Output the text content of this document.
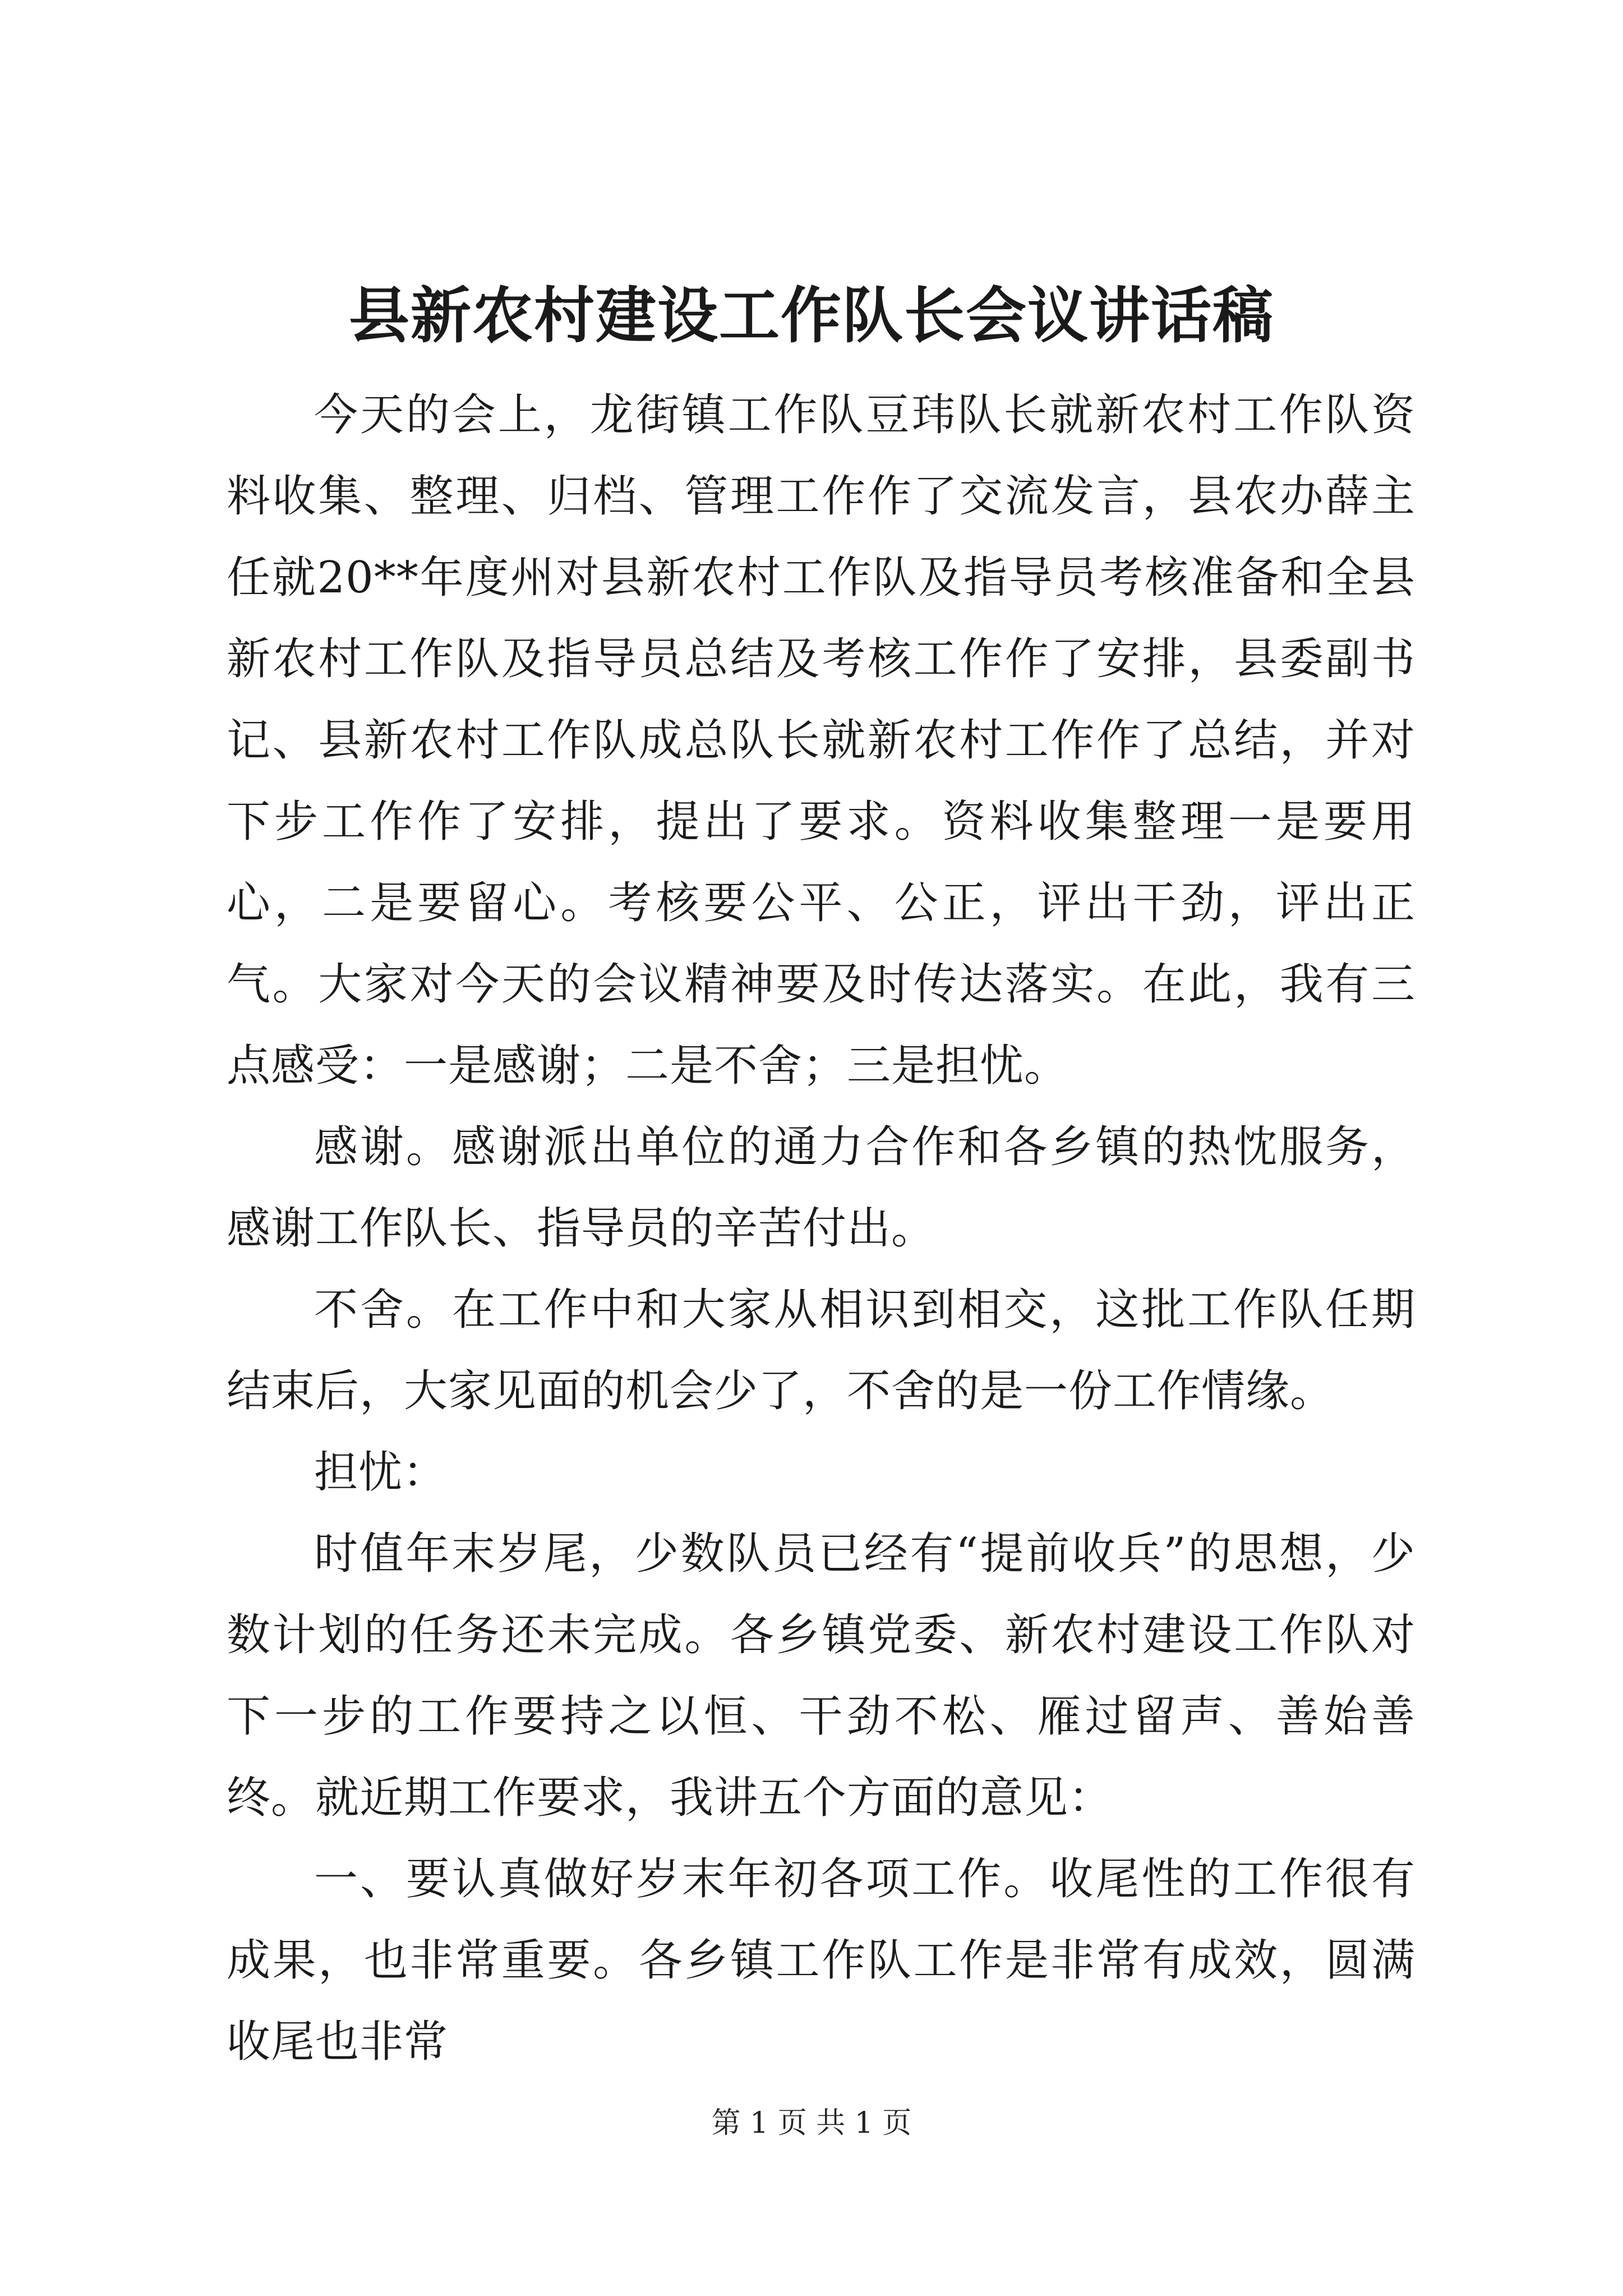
县新农村建设工作队长会议讲话稿

今天的会上，龙街镇工作队豆玮队长就新农村工作队资料收集、整理、归档、管理工作作了交流发言，县农办薛主任就20**年度州对县新农村工作队及指导员考核准备和全县新农村工作队及指导员总结及考核工作作了安排，县委副书记、县新农村工作队成总队长就新农村工作作了总结，并对下步工作作了安排，提出了要求。资料收集整理一是要用心，二是要留心。考核要公平、公正，评出干劲，评出正气。大家对今天的会议精神要及时传达落实。在此，我有三点感受：一是感谢；二是不舍；三是担忧。

感谢。感谢派出单位的通力合作和各乡镇的热忱服务，感谢工作队长、指导员的辛苦付出。

不舍。在工作中和大家从相识到相交，这批工作队任期结束后，大家见面的机会少了，不舍的是一份工作情缘。

担忧：

时值年末岁尾，少数队员已经有“提前收兵”的思想，少数计划的任务还未完成。各乡镇党委、新农村建设工作队对下一步的工作要持之以恒、干劲不松、雁过留声、善始善终。就近期工作要求，我讲五个方面的意见：

一、要认真做好岁末年初各项工作。收尾性的工作很有成果，也非常重要。各乡镇工作队工作是非常有成效，圆满收尾也非常

第 1 页 共 1 页
